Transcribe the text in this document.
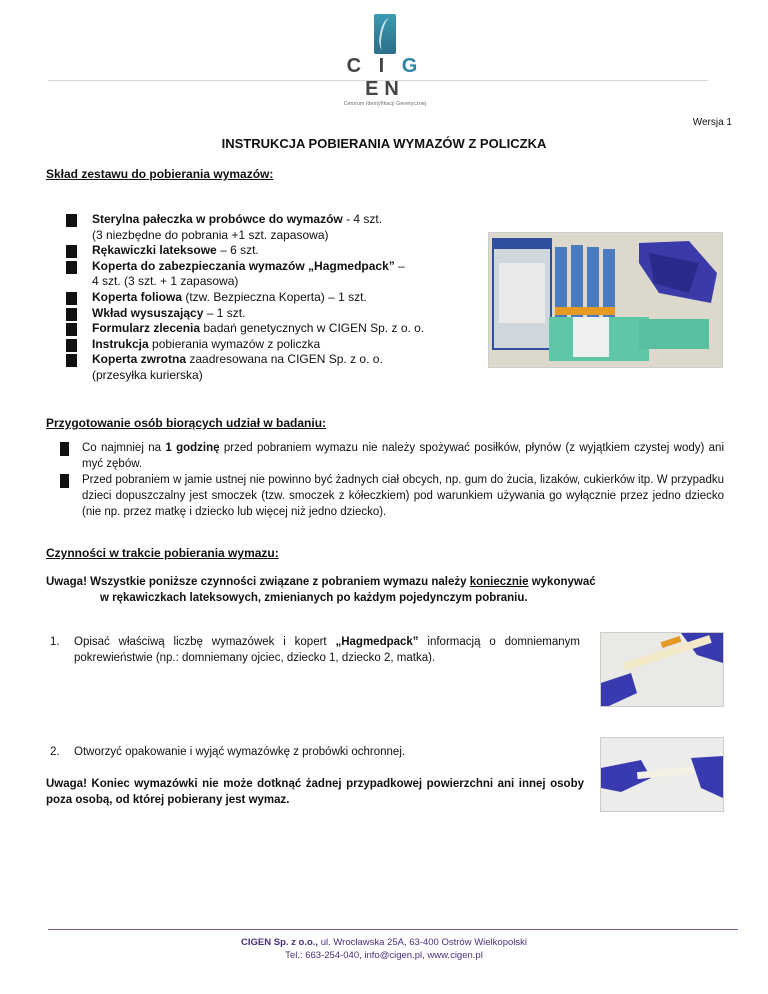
C I G EN
Centrum Identyfikacji Genetycznej
Wersja 1
INSTRUKCJA POBIERANIA WYMAZÓW Z POLICZKA
Skład zestawu do pobierania wymazów:
Sterylna pałeczka w probówce do wymazów - 4 szt.
(3 niezbędne do pobrania +1 szt. zapasowa)
Rękawiczki lateksowe – 6 szt.
Koperta do zabezpieczania wymazów „Hagmedpack” –
4 szt. (3 szt. + 1 zapasowa)
Koperta foliowa (tzw. Bezpieczna Koperta) – 1 szt.
Wkład wysuszający – 1 szt.
Formularz zlecenia badań genetycznych w CIGEN Sp. z o. o.
Instrukcja pobierania wymazów z policzka
Koperta zwrotna zaadresowana na CIGEN Sp. z o. o.
(przesyłka kurierska)
Przygotowanie osób biorących udział w badaniu:
Co najmniej na 1 godzinę przed pobraniem wymazu nie należy spożywać posiłków, płynów (z wyjątkiem czystej wody) ani myć zębów.
Przed pobraniem w jamie ustnej nie powinno być żadnych ciał obcych, np. gum do żucia, lizaków, cukierków itp. W przypadku dzieci dopuszczalny jest smoczek (tzw. smoczek z kółeczkiem) pod warunkiem używania go wyłącznie przez jedno dziecko (nie np. przez matkę i dziecko lub więcej niż jedno dziecko).
Czynności w trakcie pobierania wymazu:
Uwaga! Wszystkie poniższe czynności związane z pobraniem wymazu należy koniecznie wykonywać
w rękawiczkach lateksowych, zmienianych po każdym pojedynczym pobraniu.
1. Opisać właściwą liczbę wymazówek i kopert „Hagmedpack” informacją o domniemanym pokrewieństwie (np.: domniemany ojciec, dziecko 1, dziecko 2, matka).
2. Otworzyć opakowanie i wyjąć wymazówkę z probówki ochronnej.
Uwaga! Koniec wymazówki nie może dotknąć żadnej przypadkowej powierzchni ani innej osoby poza osobą, od której pobierany jest wymaz.
CIGEN Sp. z o.o., ul. Wrocławska 25A, 63-400 Ostrów Wielkopolski
Tel.: 663-254-040, info@cigen.pl, www.cigen.pl
